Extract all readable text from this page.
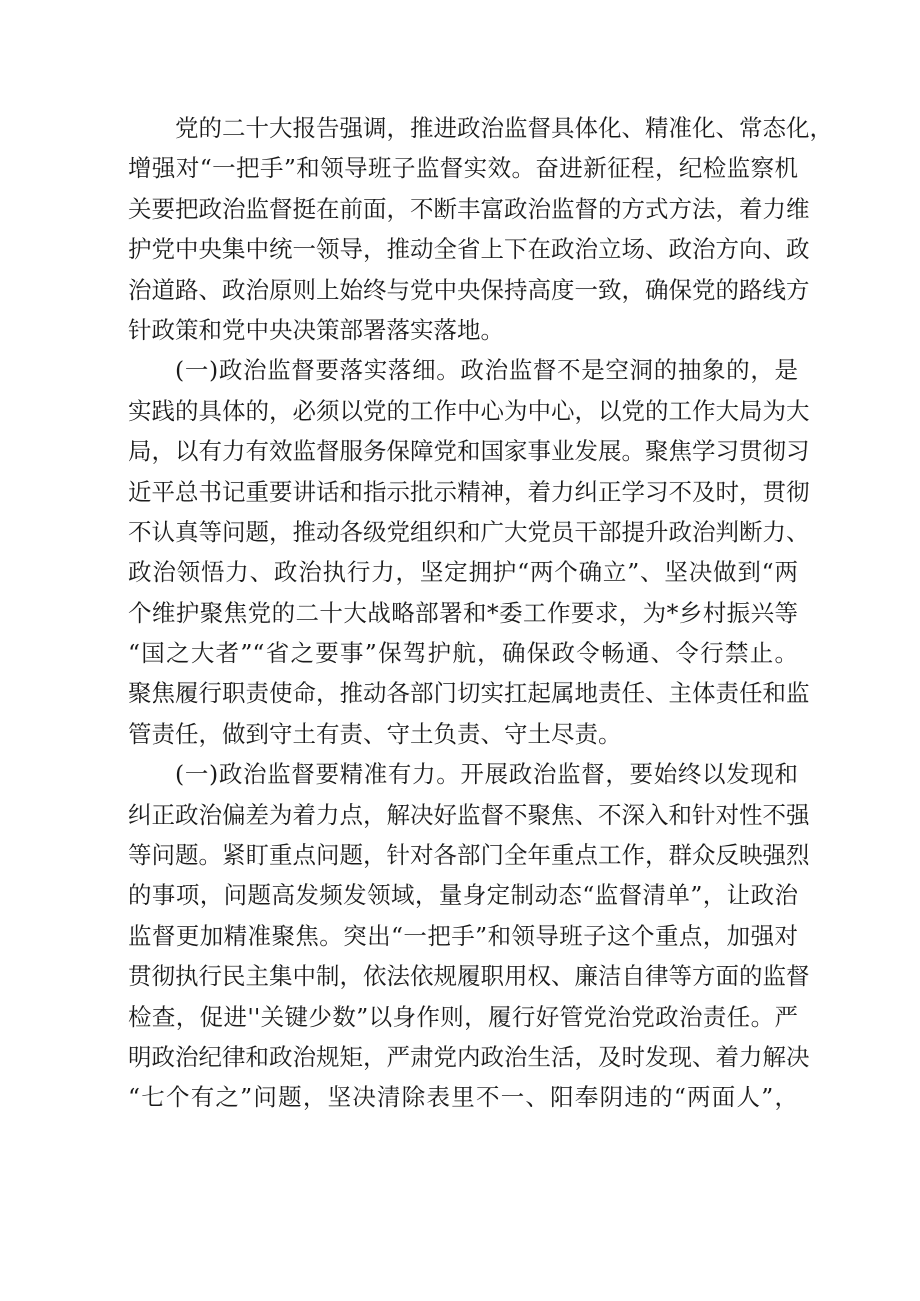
党的二十大报告强调，推进政治监督具体化、精准化、常态化，
增强对“一把手”和领导班子监督实效。奋进新征程，纪检监察机
关要把政治监督挺在前面，不断丰富政治监督的方式方法，着力维
护党中央集中统一领导，推动全省上下在政治立场、政治方向、政
治道路、政治原则上始终与党中央保持高度一致，确保党的路线方
针政策和党中央决策部署落实落地。
(一)政治监督要落实落细。政治监督不是空洞的抽象的，是
实践的具体的，必须以党的工作中心为中心，以党的工作大局为大
局，以有力有效监督服务保障党和国家事业发展。聚焦学习贯彻习
近平总书记重要讲话和指示批示精神，着力纠正学习不及时，贯彻
不认真等问题，推动各级党组织和广大党员干部提升政治判断力、
政治领悟力、政治执行力，坚定拥护“两个确立”、坚决做到“两
个维护聚焦党的二十大战略部署和*委工作要求，为*乡村振兴等
“国之大者”“省之要事”保驾护航，确保政令畅通、令行禁止。
聚焦履行职责使命，推动各部门切实扛起属地责任、主体责任和监
管责任，做到守土有责、守土负责、守土尽责。
(一)政治监督要精准有力。开展政治监督，要始终以发现和
纠正政治偏差为着力点，解决好监督不聚焦、不深入和针对性不强
等问题。紧盯重点问题，针对各部门全年重点工作，群众反映强烈
的事项，问题高发频发领域，量身定制动态“监督清单”，让政治
监督更加精准聚焦。突出“一把手”和领导班子这个重点，加强对
贯彻执行民主集中制，依法依规履职用权、廉洁自律等方面的监督
检查，促进''关键少数”以身作则，履行好管党治党政治责任。严
明政治纪律和政治规矩，严肃党内政治生活，及时发现、着力解决
“七个有之”问题，坚决清除表里不一、阳奉阴违的“两面人”，
